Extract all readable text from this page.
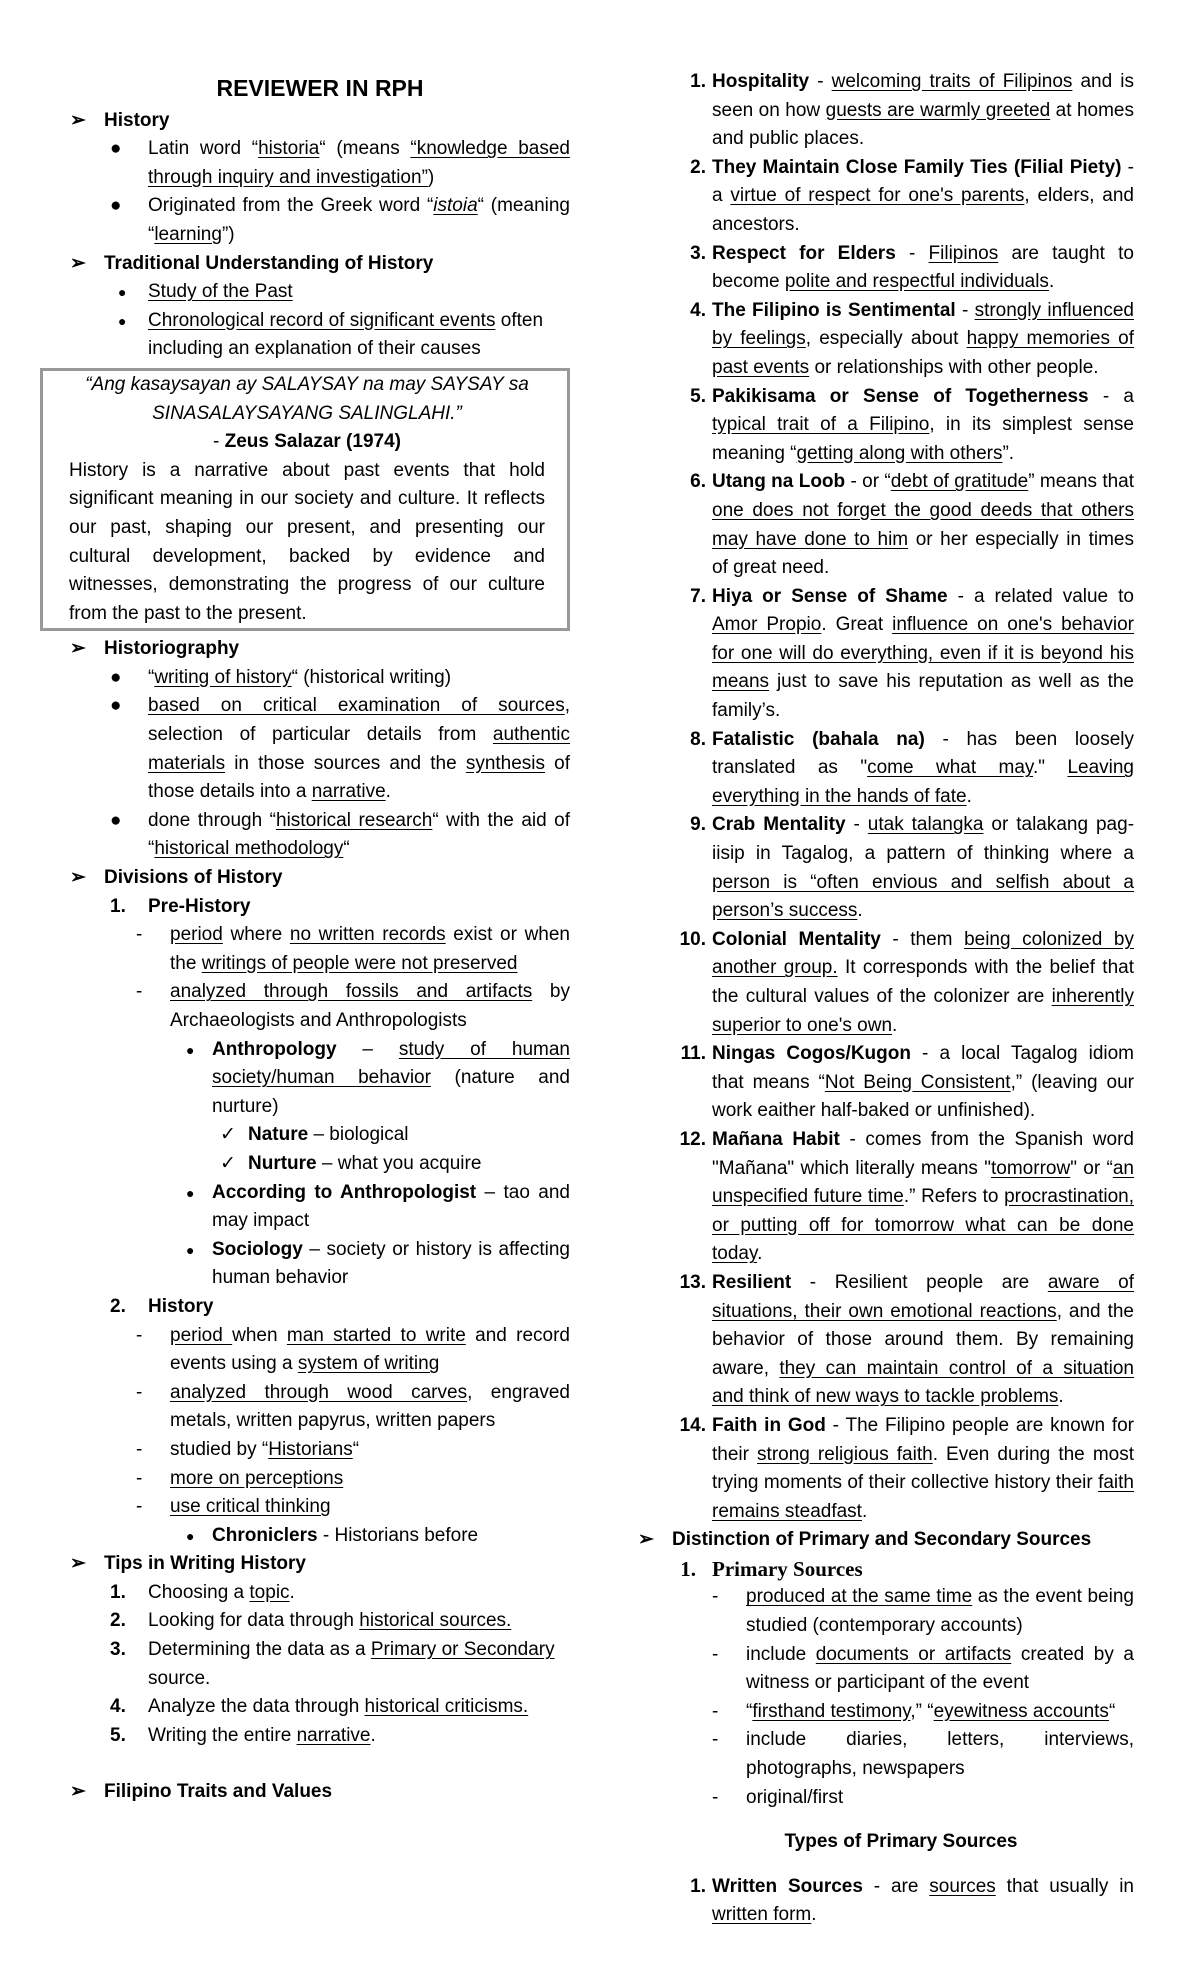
REVIEWER IN RPH
➢ History
● Latin word “historia“ (means “knowledge based through inquiry and investigation”)
● Originated from the Greek word “istoia“ (meaning “learning”)
➢ Traditional Understanding of History
● Study of the Past
● Chronological record of significant events often including an explanation of their causes
“Ang kasaysayan ay SALAYSAY na may SAYSAY sa SINASALAYSAYANG SALINGLAHI.”
- Zeus Salazar (1974)
History is a narrative about past events that hold significant meaning in our society and culture. It reflects our past, shaping our present, and presenting our cultural development, backed by evidence and witnesses, demonstrating the progress of our culture from the past to the present.
➢ Historiography
● “writing of history“ (historical writing)
● based on critical examination of sources, selection of particular details from authentic materials in those sources and the synthesis of those details into a narrative.
● done through “historical research“ with the aid of “historical methodology“
➢ Divisions of History
1. Pre-History
- period where no written records exist or when the writings of people were not preserved
- analyzed through fossils and artifacts by Archaeologists and Anthropologists
● Anthropology – study of human society/human behavior (nature and nurture)
✓ Nature – biological
✓ Nurture – what you acquire
● According to Anthropologist – tao and may impact
● Sociology – society or history is affecting human behavior
2. History
- period when man started to write and record events using a system of writing
- analyzed through wood carves, engraved metals, written papyrus, written papers
- studied by “Historians“
- more on perceptions
- use critical thinking
● Chroniclers - Historians before
➢ Tips in Writing History
1. Choosing a topic.
2. Looking for data through historical sources.
3. Determining the data as a Primary or Secondary source.
4. Analyze the data through historical criticisms.
5. Writing the entire narrative.
➢ Filipino Traits and Values
1. Hospitality - welcoming traits of Filipinos and is seen on how guests are warmly greeted at homes and public places.
2. They Maintain Close Family Ties (Filial Piety) - a virtue of respect for one's parents, elders, and ancestors.
3. Respect for Elders - Filipinos are taught to become polite and respectful individuals.
4. The Filipino is Sentimental - strongly influenced by feelings, especially about happy memories of past events or relationships with other people.
5. Pakikisama or Sense of Togetherness - a typical trait of a Filipino, in its simplest sense meaning “getting along with others”.
6. Utang na Loob - or “debt of gratitude” means that one does not forget the good deeds that others may have done to him or her especially in times of great need.
7. Hiya or Sense of Shame - a related value to Amor Propio. Great influence on one's behavior for one will do everything, even if it is beyond his means just to save his reputation as well as the family’s.
8. Fatalistic (bahala na) - has been loosely translated as "come what may." Leaving everything in the hands of fate.
9. Crab Mentality - utak talangka or talakang pag-iisip in Tagalog, a pattern of thinking where a person is “often envious and selfish about a person’s success.
10. Colonial Mentality - them being colonized by another group. It corresponds with the belief that the cultural values of the colonizer are inherently superior to one's own.
11. Ningas Cogos/Kugon - a local Tagalog idiom that means “Not Being Consistent,” (leaving our work eaither half-baked or unfinished).
12. Mañana Habit - comes from the Spanish word "Mañana" which literally means "tomorrow" or “an unspecified future time.” Refers to procrastination, or putting off for tomorrow what can be done today.
13. Resilient - Resilient people are aware of situations, their own emotional reactions, and the behavior of those around them. By remaining aware, they can maintain control of a situation and think of new ways to tackle problems.
14. Faith in God - The Filipino people are known for their strong religious faith. Even during the most trying moments of their collective history their faith remains steadfast.
➢ Distinction of Primary and Secondary Sources
1. Primary Sources
- produced at the same time as the event being studied (contemporary accounts)
- include documents or artifacts created by a witness or participant of the event
- “firsthand testimony,” “eyewitness accounts“
- include diaries, letters, interviews, photographs, newspapers
- original/first
Types of Primary Sources
1. Written Sources - are sources that usually in written form.
